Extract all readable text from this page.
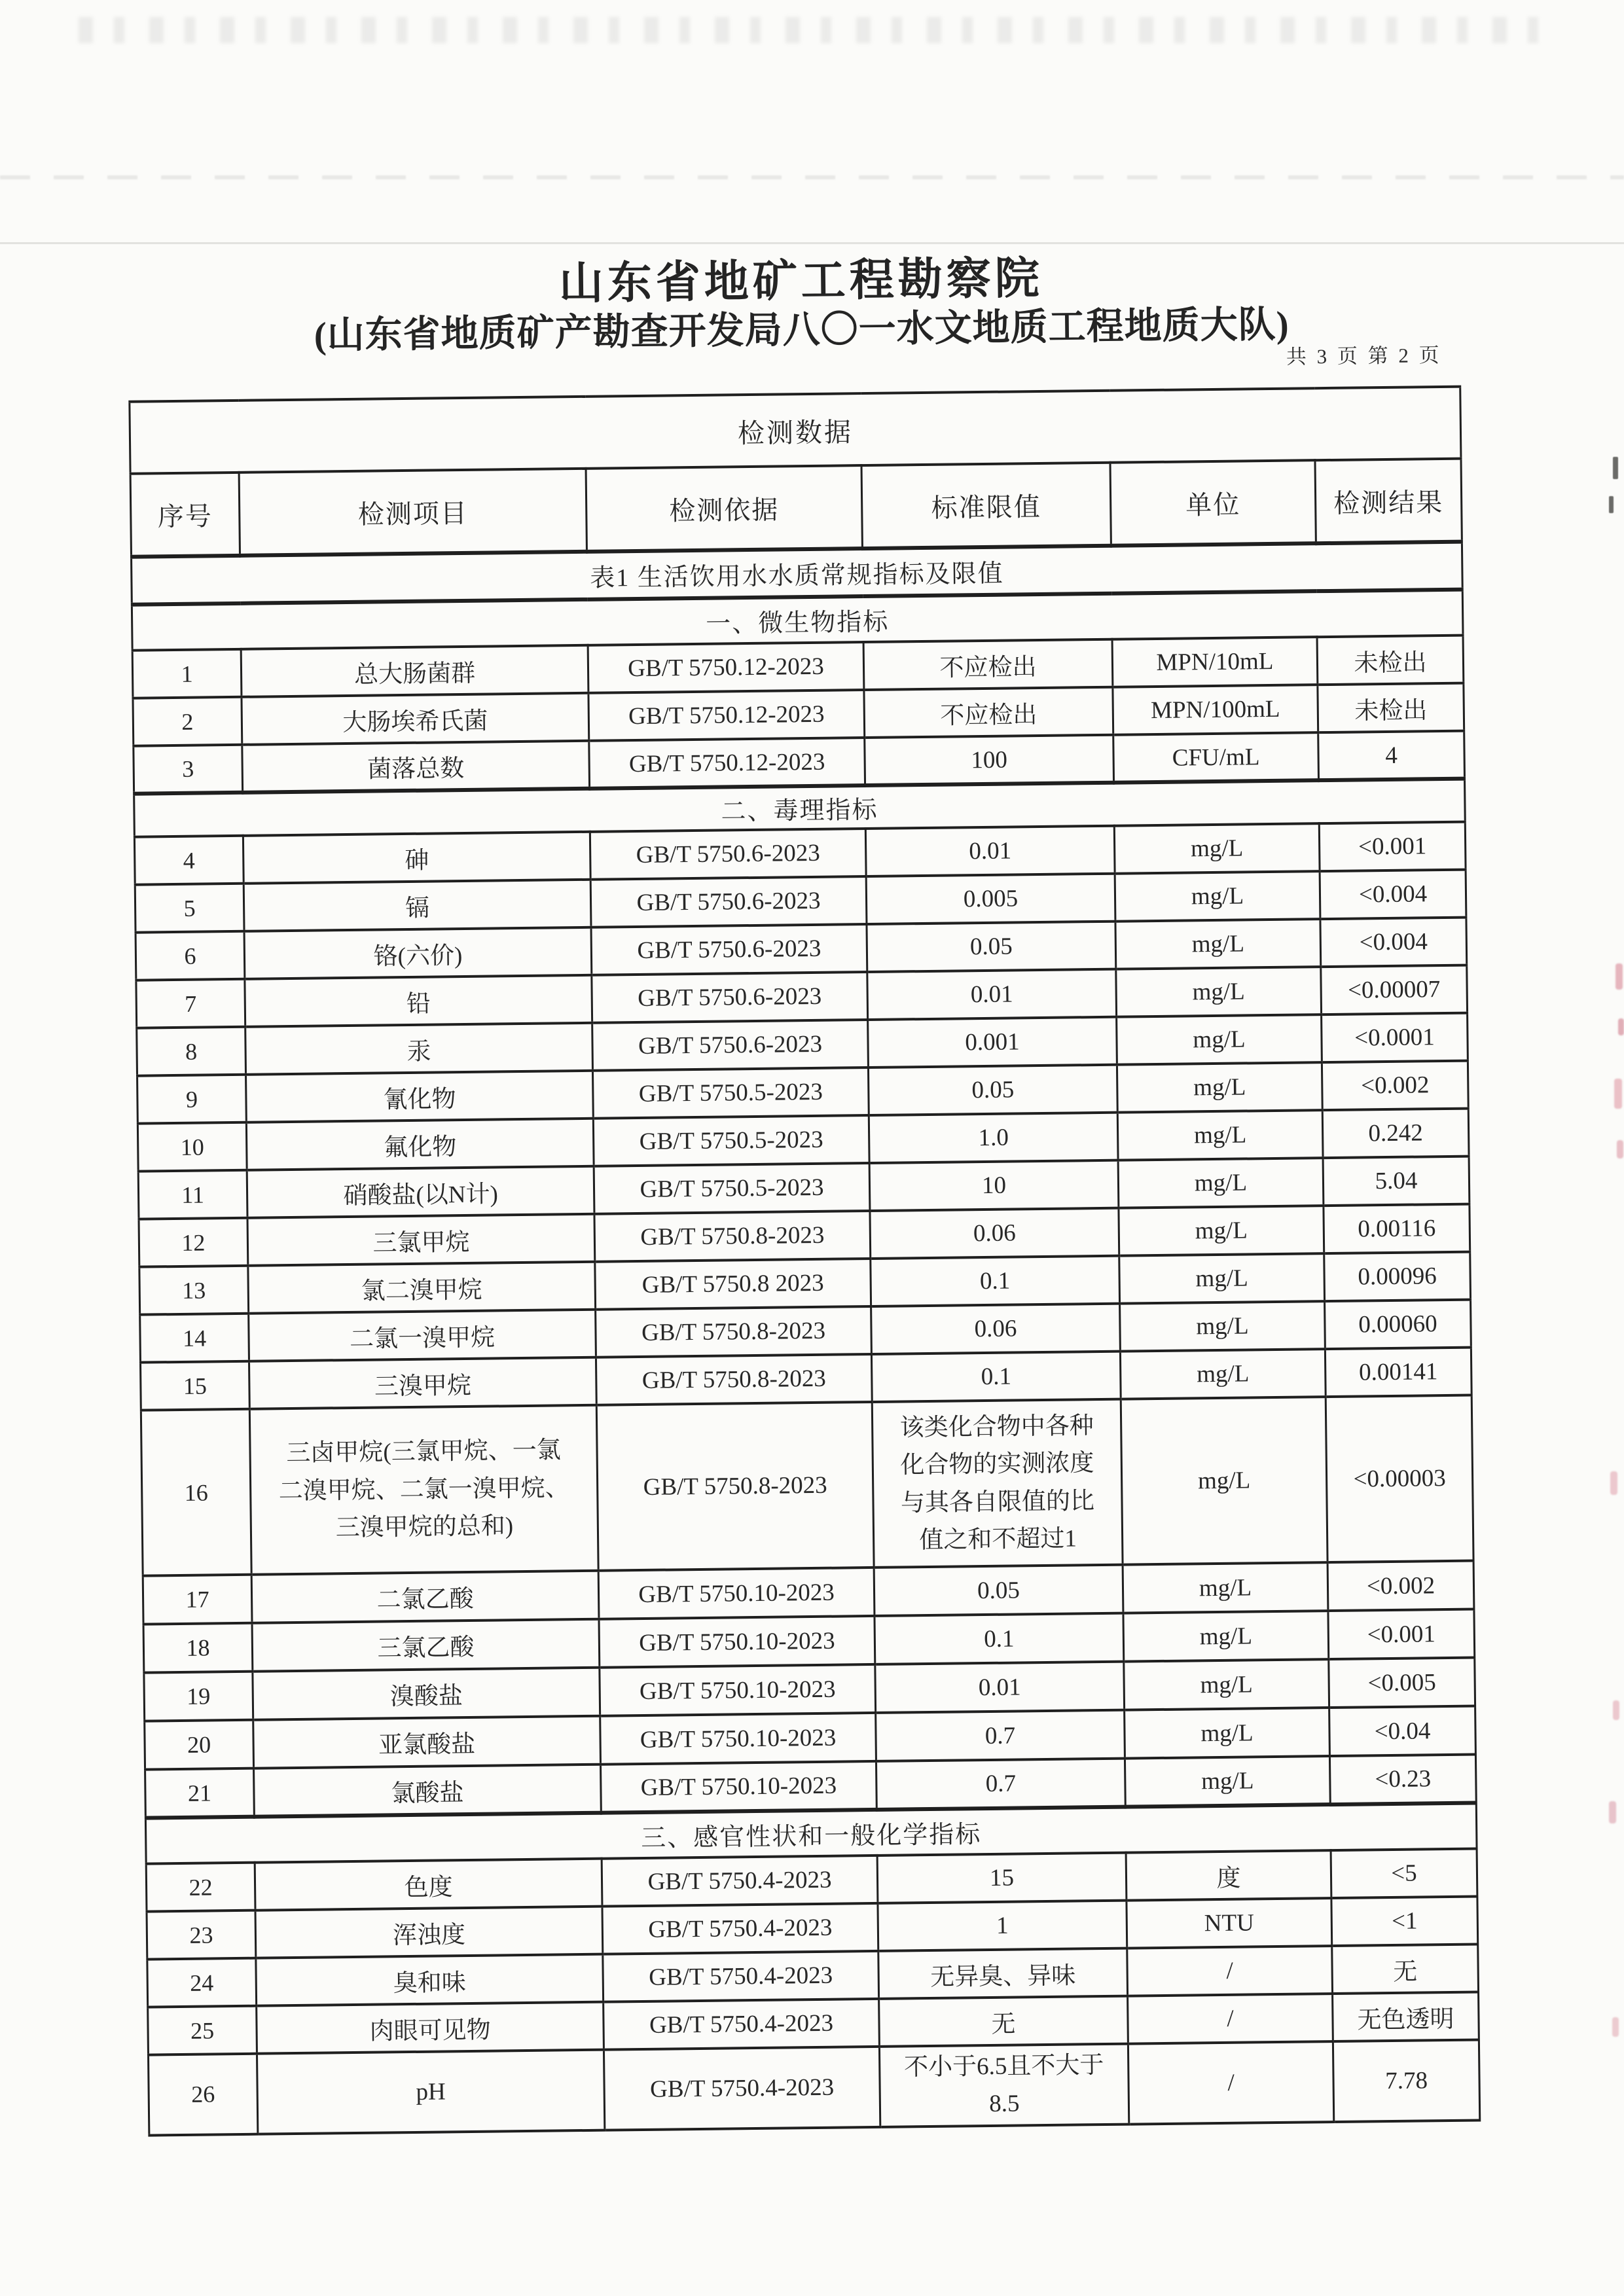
山东省地矿工程勘察院
(山东省地质矿产勘查开发局八〇一水文地质工程地质大队)
共 3 页 第 2 页
检测数据					
序号	检测项目	检测依据	标准限值	单位	检测结果
表1 生活饮用水水质常规指标及限值					
一、微生物指标					
1	总大肠菌群	GB/T 5750.12-2023	不应检出	MPN/10mL	未检出
2	大肠埃希氏菌	GB/T 5750.12-2023	不应检出	MPN/100mL	未检出
3	菌落总数	GB/T 5750.12-2023	100	CFU/mL	4
二、毒理指标					
4	砷	GB/T 5750.6-2023	0.01	mg/L	<0.001
5	镉	GB/T 5750.6-2023	0.005	mg/L	<0.004
6	铬(六价)	GB/T 5750.6-2023	0.05	mg/L	<0.004
7	铅	GB/T 5750.6-2023	0.01	mg/L	<0.00007
8	汞	GB/T 5750.6-2023	0.001	mg/L	<0.0001
9	氰化物	GB/T 5750.5-2023	0.05	mg/L	<0.002
10	氟化物	GB/T 5750.5-2023	1.0	mg/L	0.242
11	硝酸盐(以N计)	GB/T 5750.5-2023	10	mg/L	5.04
12	三氯甲烷	GB/T 5750.8-2023	0.06	mg/L	0.00116
13	氯二溴甲烷	GB/T 5750.8 2023	0.1	mg/L	0.00096
14	二氯一溴甲烷	GB/T 5750.8-2023	0.06	mg/L	0.00060
15	三溴甲烷	GB/T 5750.8-2023	0.1	mg/L	0.00141
16	三卤甲烷(三氯甲烷、一氯
二溴甲烷、二氯一溴甲烷、
三溴甲烷的总和)	GB/T 5750.8-2023	该类化合物中各种
化合物的实测浓度
与其各自限值的比
值之和不超过1	mg/L	<0.00003
17	二氯乙酸	GB/T 5750.10-2023	0.05	mg/L	<0.002
18	三氯乙酸	GB/T 5750.10-2023	0.1	mg/L	<0.001
19	溴酸盐	GB/T 5750.10-2023	0.01	mg/L	<0.005
20	亚氯酸盐	GB/T 5750.10-2023	0.7	mg/L	<0.04
21	氯酸盐	GB/T 5750.10-2023	0.7	mg/L	<0.23
三、感官性状和一般化学指标					
22	色度	GB/T 5750.4-2023	15	度	<5
23	浑浊度	GB/T 5750.4-2023	1	NTU	<1
24	臭和味	GB/T 5750.4-2023	无异臭、异味	/	无
25	肉眼可见物	GB/T 5750.4-2023	无	/	无色透明
26	pH	GB/T 5750.4-2023	不小于6.5且不大于
8.5	/	7.78
